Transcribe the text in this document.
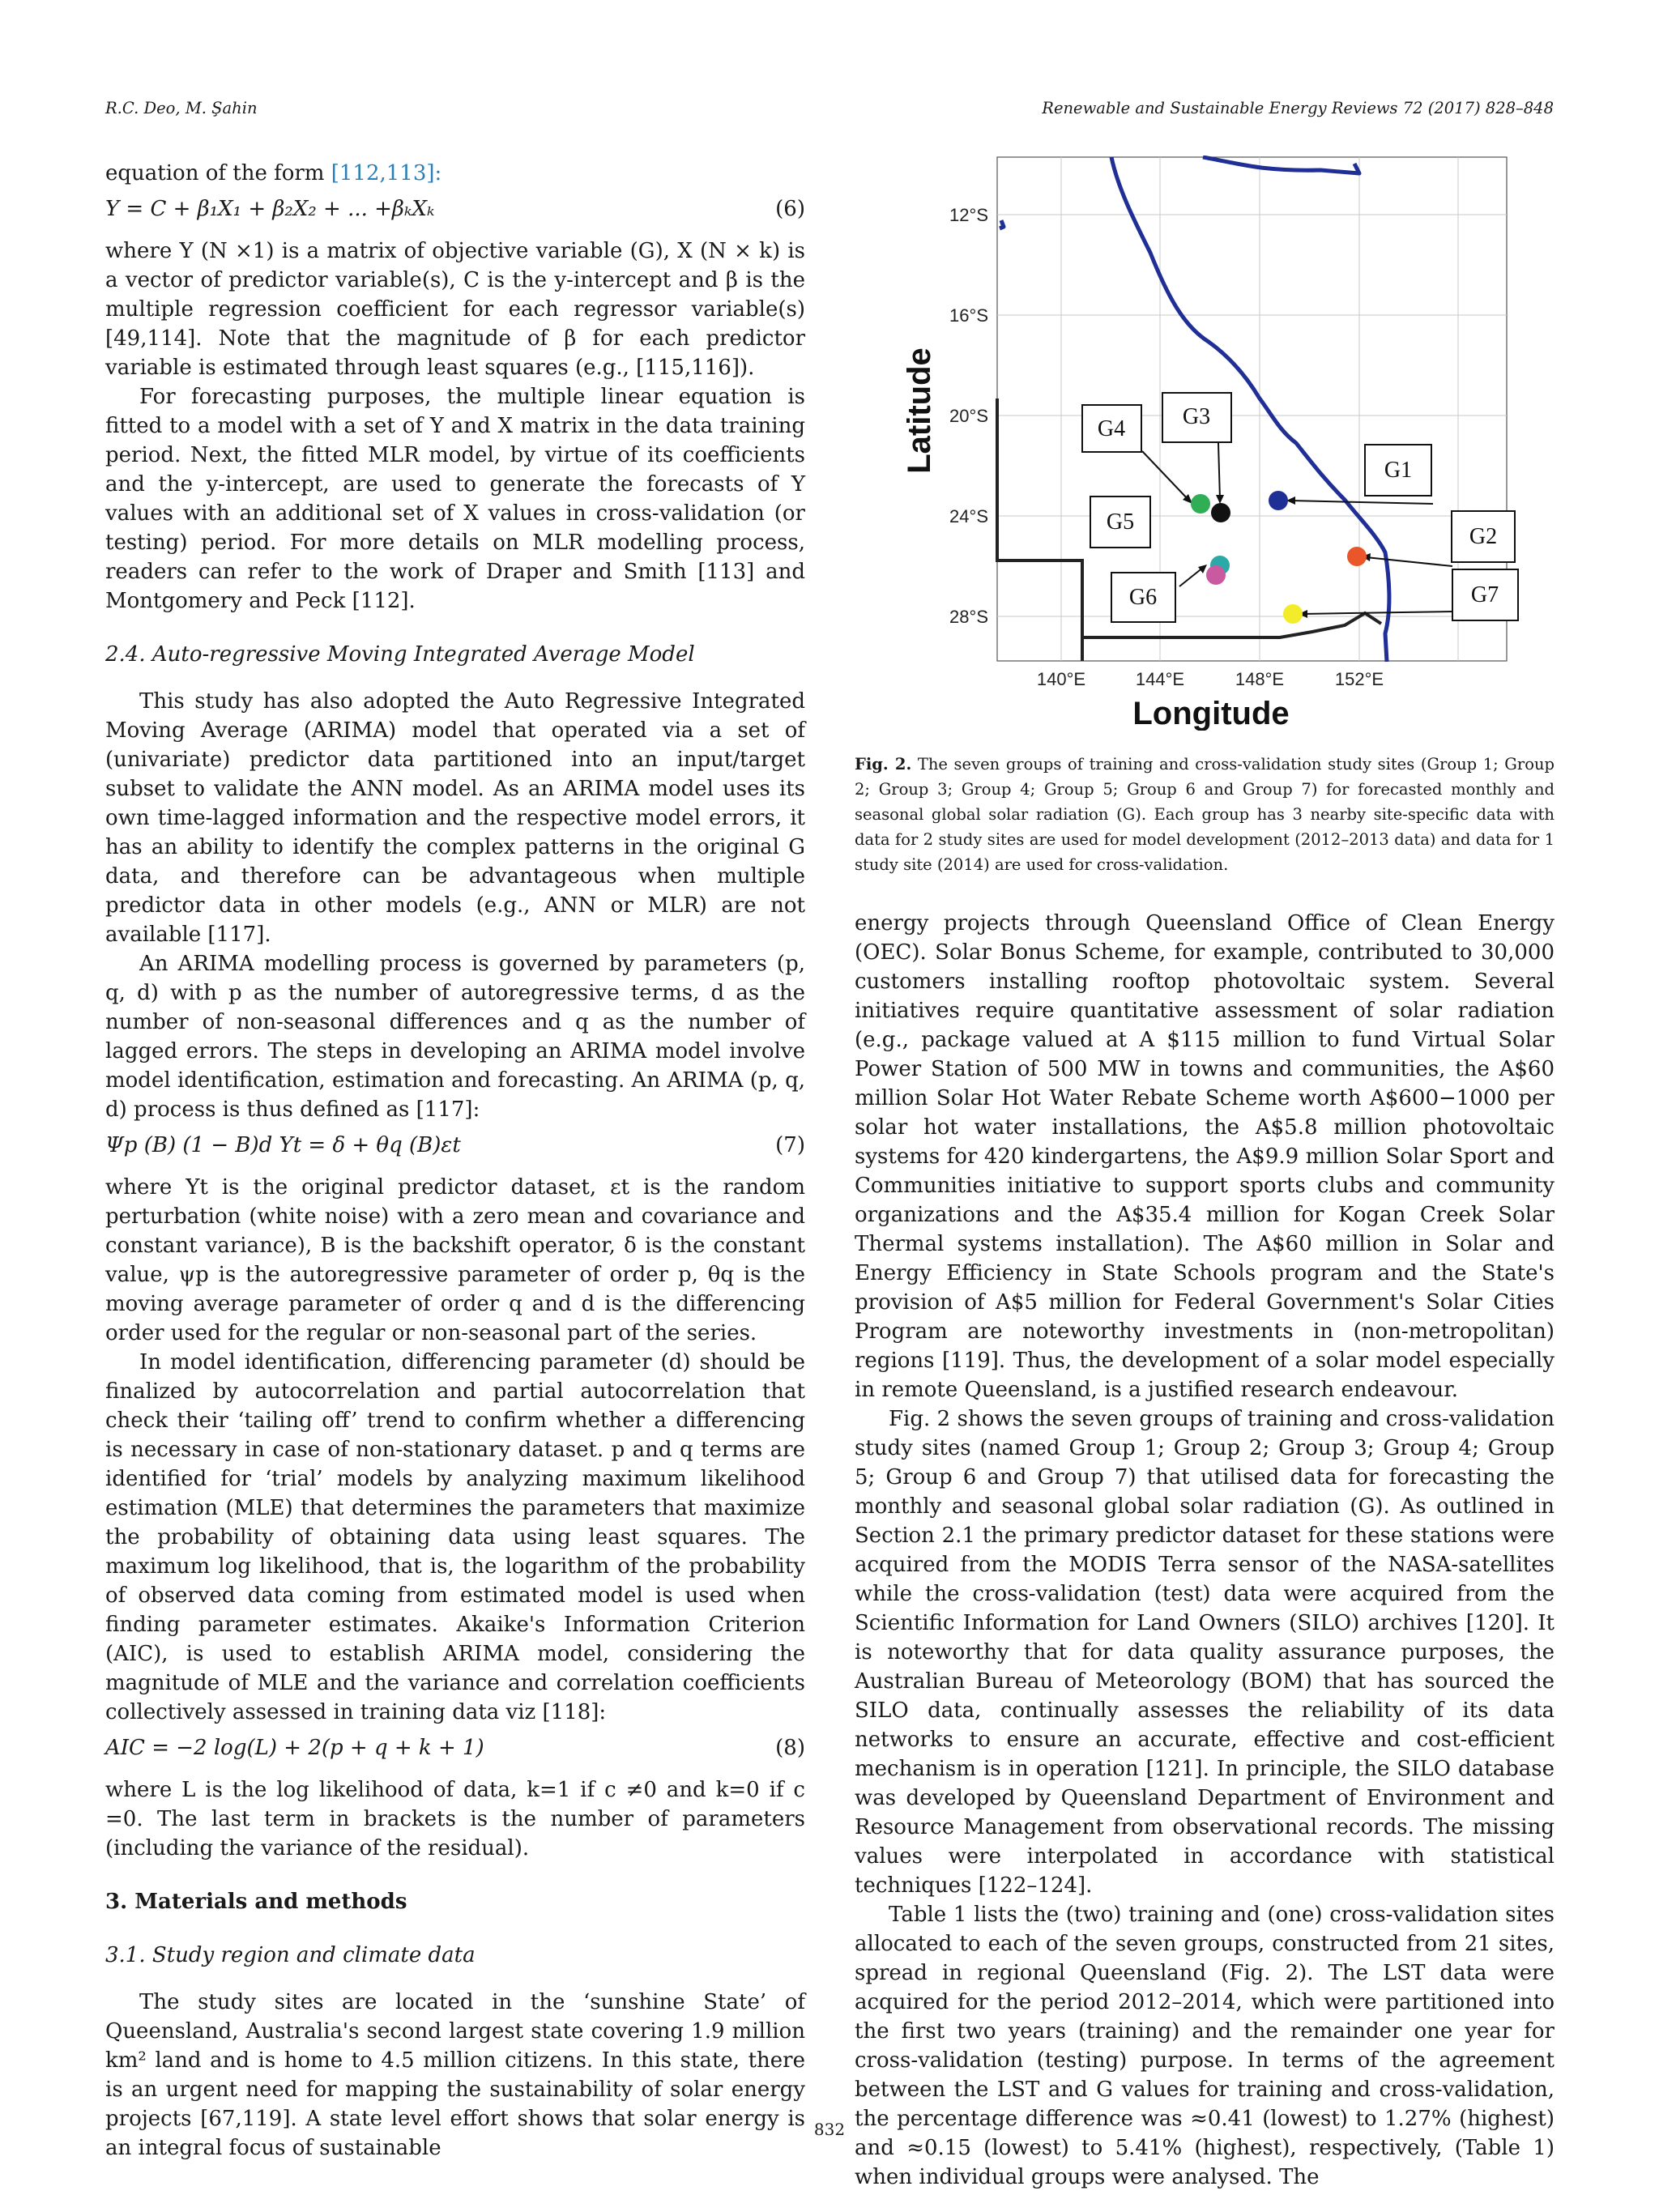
R.C. Deo, M. Şahin	Renewable and Sustainable Energy Reviews 72 (2017) 828–848

equation of the form [112,113]:

Y = C + β₁X₁ + β₂X₂ + ... +βₖXₖ	(6)

where Y (N ×1) is a matrix of objective variable (G), X (N × k) is a vector of predictor variable(s), C is the y-intercept and β is the multiple regression coefficient for each regressor variable(s) [49,114]. Note that the magnitude of β for each predictor variable is estimated through least squares (e.g., [115,116]).

For forecasting purposes, the multiple linear equation is fitted to a model with a set of Y and X matrix in the data training period. Next, the fitted MLR model, by virtue of its coefficients and the y-intercept, are used to generate the forecasts of Y values with an additional set of X values in cross-validation (or testing) period. For more details on MLR modelling process, readers can refer to the work of Draper and Smith [113] and Montgomery and Peck [112].

2.4. Auto-regressive Moving Integrated Average Model

This study has also adopted the Auto Regressive Integrated Moving Average (ARIMA) model that operated via a set of (univariate) predictor data partitioned into an input/target subset to validate the ANN model. As an ARIMA model uses its own time-lagged information and the respective model errors, it has an ability to identify the complex patterns in the original G data, and therefore can be advantageous when multiple predictor data in other models (e.g., ANN or MLR) are not available [117].

An ARIMA modelling process is governed by parameters (p, q, d) with p as the number of autoregressive terms, d as the number of non-seasonal differences and q as the number of lagged errors. The steps in developing an ARIMA model involve model identification, estimation and forecasting. An ARIMA (p, q, d) process is thus defined as [117]:

Ψp (B) (1 − B)d Yt = δ + θq (B)εt	(7)

where Yt is the original predictor dataset, εt is the random perturbation (white noise) with a zero mean and covariance and constant variance), B is the backshift operator, δ is the constant value, ψp is the autoregressive parameter of order p, θq is the moving average parameter of order q and d is the differencing order used for the regular or non-seasonal part of the series.

In model identification, differencing parameter (d) should be finalized by autocorrelation and partial autocorrelation that check their ‘tailing off’ trend to confirm whether a differencing is necessary in case of non-stationary dataset. p and q terms are identified for ‘trial’ models by analyzing maximum likelihood estimation (MLE) that determines the parameters that maximize the probability of obtaining data using least squares. The maximum log likelihood, that is, the logarithm of the probability of observed data coming from estimated model is used when finding parameter estimates. Akaike's Information Criterion (AIC), is used to establish ARIMA model, considering the magnitude of MLE and the variance and correlation coefficients collectively assessed in training data viz [118]:

AIC = −2 log(L) + 2(p + q + k + 1)	(8)

where L is the log likelihood of data, k=1 if c ≠0 and k=0 if c =0. The last term in brackets is the number of parameters (including the variance of the residual).

3. Materials and methods

3.1. Study region and climate data

The study sites are located in the ‘sunshine State’ of Queensland, Australia's second largest state covering 1.9 million km² land and is home to 4.5 million citizens. In this state, there is an urgent need for mapping the sustainability of solar energy projects [67,119]. A state level effort shows that solar energy is an integral focus of sustainable

12°S
16°S
20°S
24°S
28°S
140°E	144°E	148°E	152°E
Latitude
Longitude
G4	G3
G1
G5
G2
G6	G7
Fig. 2. The seven groups of training and cross-validation study sites (Group 1; Group 2; Group 3; Group 4; Group 5; Group 6 and Group 7) for forecasted monthly and seasonal global solar radiation (G). Each group has 3 nearby site-specific data with data for 2 study sites are used for model development (2012–2013 data) and data for 1 study site (2014) are used for cross-validation.

energy projects through Queensland Office of Clean Energy (OEC). Solar Bonus Scheme, for example, contributed to 30,000 customers installing rooftop photovoltaic system. Several initiatives require quantitative assessment of solar radiation (e.g., package valued at A $115 million to fund Virtual Solar Power Station of 500 MW in towns and communities, the A$60 million Solar Hot Water Rebate Scheme worth A$600−1000 per solar hot water installations, the A$5.8 million photovoltaic systems for 420 kindergartens, the A$9.9 million Solar Sport and Communities initiative to support sports clubs and community organizations and the A$35.4 million for Kogan Creek Solar Thermal systems installation). The A$60 million in Solar and Energy Efficiency in State Schools program and the State's provision of A$5 million for Federal Government's Solar Cities Program are noteworthy investments in (non-metropolitan) regions [119]. Thus, the development of a solar model especially in remote Queensland, is a justified research endeavour.

Fig. 2 shows the seven groups of training and cross-validation study sites (named Group 1; Group 2; Group 3; Group 4; Group 5; Group 6 and Group 7) that utilised data for forecasting the monthly and seasonal global solar radiation (G). As outlined in Section 2.1 the primary predictor dataset for these stations were acquired from the MODIS Terra sensor of the NASA-satellites while the cross-validation (test) data were acquired from the Scientific Information for Land Owners (SILO) archives [120]. It is noteworthy that for data quality assurance purposes, the Australian Bureau of Meteorology (BOM) that has sourced the SILO data, continually assesses the reliability of its data networks to ensure an accurate, effective and cost-efficient mechanism is in operation [121]. In principle, the SILO database was developed by Queensland Department of Environment and Resource Management from observational records. The missing values were interpolated in accordance with statistical techniques [122–124].

Table 1 lists the (two) training and (one) cross-validation sites allocated to each of the seven groups, constructed from 21 sites, spread in regional Queensland (Fig. 2). The LST data were acquired for the period 2012–2014, which were partitioned into the first two years (training) and the remainder one year for cross-validation (testing) purpose. In terms of the agreement between the LST and G values for training and cross-validation, the percentage difference was ≈0.41 (lowest) to 1.27% (highest) and ≈0.15 (lowest) to 5.41% (highest), respectively, (Table 1) when individual groups were analysed. The

832
